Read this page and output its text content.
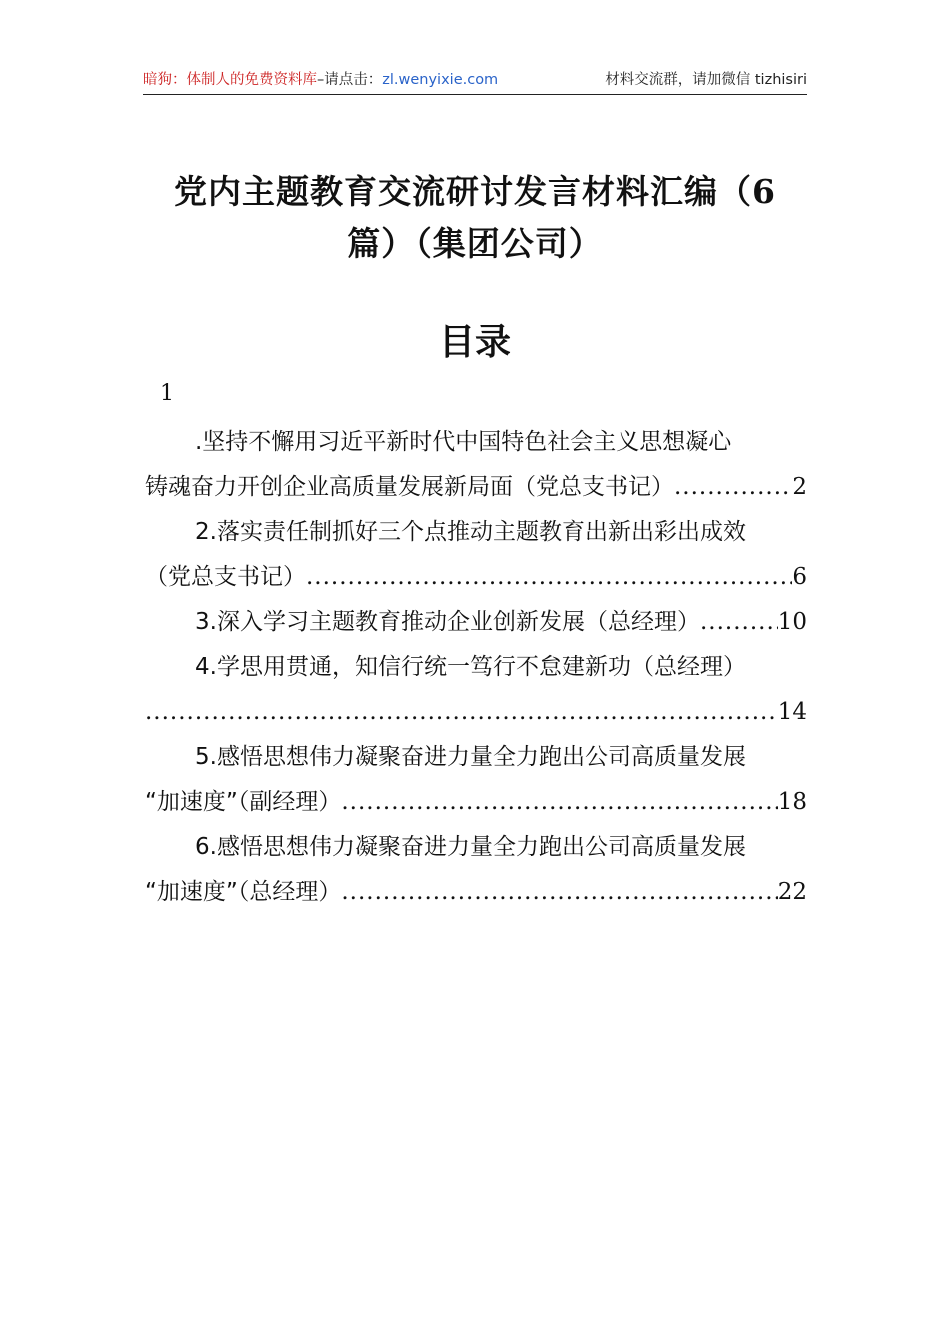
暗狗：体制人的免费资料库–请点击：zl.wenyixie.com	材料交流群，请加微信 tizhisiri
党内主题教育交流研讨发言材料汇编（6篇）（集团公司）
目录
1
.坚持不懈用习近平新时代中国特色社会主义思想凝心
铸魂奋力开创企业高质量发展新局面（党总支书记） .....	2
2.落实责任制抓好三个点推动主题教育出新出彩出成效
（党总支书记） .....	6
3.深入学习主题教育推动企业创新发展（总经理） .....	10
4.学思用贯通，知信行统一笃行不怠建新功（总经理）
.....
14
5.感悟思想伟力凝聚奋进力量全力跑出公司高质量发展
“加速度”（副经理） .....	18
6.感悟思想伟力凝聚奋进力量全力跑出公司高质量发展
“加速度”（总经理） .....	22
